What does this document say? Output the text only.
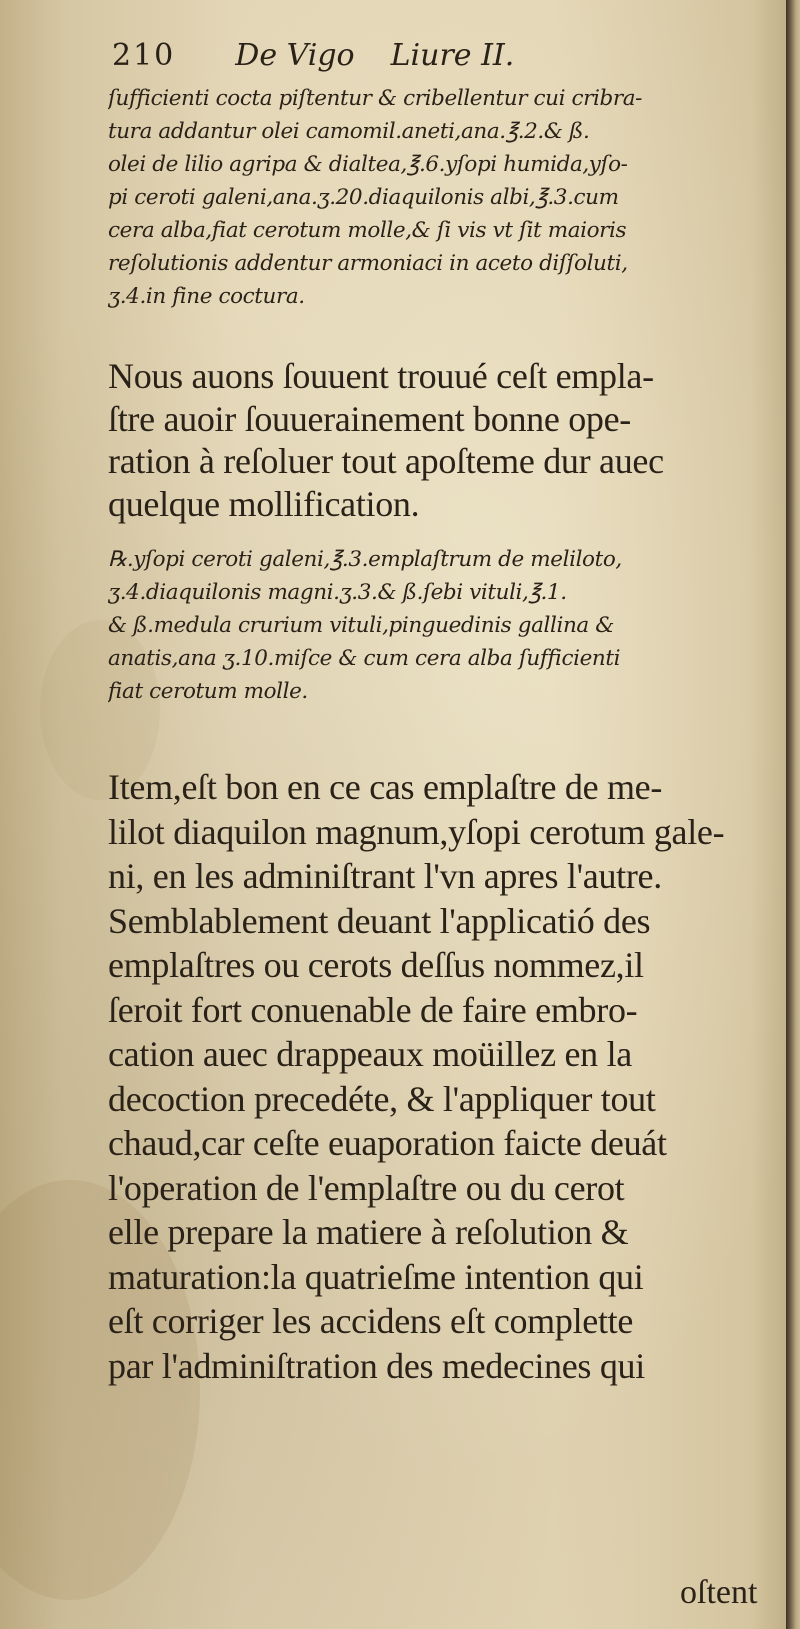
210 De Vigo Liure II.
ſufficienti cocta piſtentur & cribellentur cui cribra-
tura addantur olei camomil.aneti,ana.℥.2.& ß.
olei de lilio agripa & dialtea,℥.6.yſopi humida,yſo-
pi ceroti galeni,ana.ʒ.20.diaquilonis albi,℥.3.cum
cera alba,fiat cerotum molle,& ſi vis vt ſit maioris
reſolutionis addentur armoniaci in aceto diſſoluti,
ʒ.4.in fine coctura.
Nous auons ſouuent trouué ceſt empla-
ſtre auoir ſouuerainement bonne ope-
ration à reſoluer tout apoſteme dur auec
quelque mollification.
℞.yſopi ceroti galeni,℥.3.emplaſtrum de meliloto,
ʒ.4.diaquilonis magni.ʒ.3.& ß.ſebi vituli,℥.1.
& ß.medula crurium vituli,pinguedinis gallina &
anatis,ana ʒ.10.miſce & cum cera alba ſufficienti
fiat cerotum molle.
Item,eſt bon en ce cas emplaſtre de me-
lilot diaquilon magnum,yſopi cerotum gale-
ni, en les adminiſtrant l'vn apres l'autre.
Semblablement deuant l'applicatió des
emplaſtres ou cerots deſſus nommez,il
ſeroit fort conuenable de faire embro-
cation auec drappeaux moüillez en la
decoction precedéte, & l'appliquer tout
chaud,car ceſte euaporation faicte deuát
l'operation de l'emplaſtre ou du cerot
elle prepare la matiere à reſolution &
maturation:la quatrieſme intention qui
eſt corriger les accidens eſt complette
par l'adminiſtration des medecines qui
oſtent
